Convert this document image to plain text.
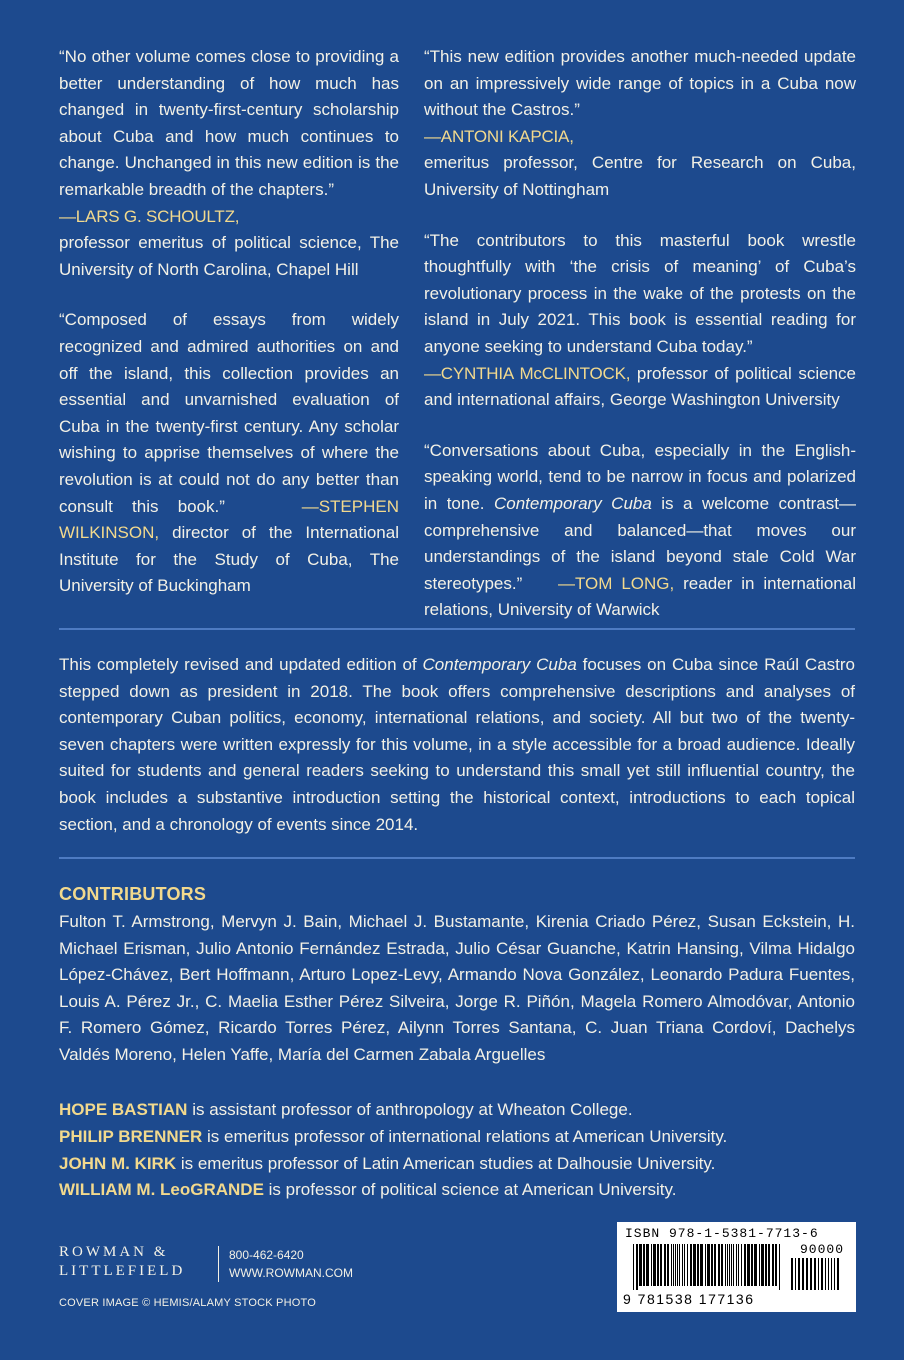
“No other volume comes close to providing a better understanding of how much has changed in twenty-first-century scholarship about Cuba and how much continues to change. Unchanged in this new edition is the remarkable breadth of the chapters.”

—LARS G. SCHOULTZ,
professor emeritus of political science, The University of North Carolina, Chapel Hill

“Composed of essays from widely recognized and admired authorities on and off the island, this collection provides an essential and unvarnished evaluation of Cuba in the twenty-first century. Any scholar wishing to apprise themselves of where the revolution is at could not do any better than consult this book.”	—STEPHEN WILKINSON, director of the International Institute for the Study of Cuba, The University of Buckingham

“This new edition provides another much-needed update on an impressively wide range of topics in a Cuba now without the Castros.”

—ANTONI KAPCIA,
emeritus professor, Centre for Research on Cuba, University of Nottingham

“The contributors to this masterful book wrestle thoughtfully with ‘the crisis of meaning’ of Cuba’s revolutionary process in the wake of the protests on the island in July 2021. This book is essential reading for anyone seeking to understand Cuba today.”

—CYNTHIA McCLINTOCK, professor of political science and international affairs, George Washington University

“Conversations about Cuba, especially in the English-speaking world, tend to be narrow in focus and polarized in tone. Contemporary Cuba is a welcome contrast—comprehensive and balanced—that moves our understandings of the island beyond stale Cold War stereotypes.” —TOM LONG, reader in international relations, University of Warwick

This completely revised and updated edition of Contemporary Cuba focuses on Cuba since Raúl Castro stepped down as president in 2018. The book offers comprehensive descriptions and analyses of contemporary Cuban politics, economy, international relations, and society. All but two of the twenty-seven chapters were written expressly for this volume, in a style accessible for a broad audience. Ideally suited for students and general readers seeking to understand this small yet still influential country, the book includes a substantive introduction setting the historical context, introductions to each topical section, and a chronology of events since 2014.

CONTRIBUTORS

Fulton T. Armstrong, Mervyn J. Bain, Michael J. Bustamante, Kirenia Criado Pérez, Susan Eckstein, H. Michael Erisman, Julio Antonio Fernández Estrada, Julio César Guanche, Katrin Hansing, Vilma Hidalgo López-Chávez, Bert Hoffmann, Arturo Lopez-Levy, Armando Nova González, Leonardo Padura Fuentes, Louis A. Pérez Jr., C. Maelia Esther Pérez Silveira, Jorge R. Piñón, Magela Romero Almodóvar, Antonio F. Romero Gómez, Ricardo Torres Pérez, Ailynn Torres Santana, C. Juan Triana Cordoví, Dachelys Valdés Moreno, Helen Yaffe, María del Carmen Zabala Arguelles

HOPE BASTIAN is assistant professor of anthropology at Wheaton College.
PHILIP BRENNER is emeritus professor of international relations at American University.
JOHN M. KIRK is emeritus professor of Latin American studies at Dalhousie University.
WILLIAM M. LeoGRANDE is professor of political science at American University.
ROWMAN &
LITTLEFIELD
800-462-6420
WWW.ROWMAN.COM
COVER IMAGE © HEMIS/ALAMY STOCK PHOTO
ISBN 978-1-5381-7713-6
90000
9 781538 177136
